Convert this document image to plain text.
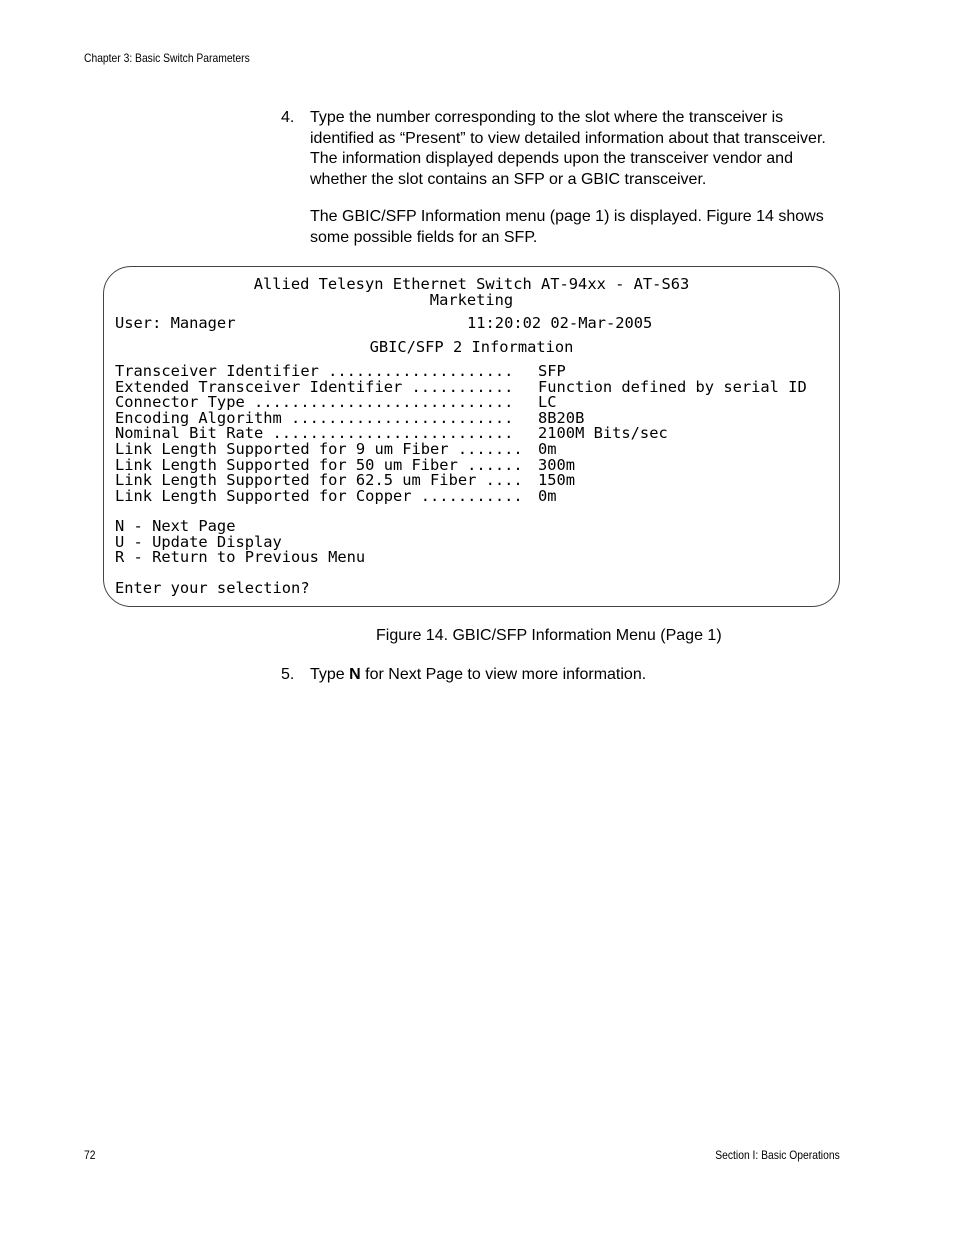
Chapter 3: Basic Switch Parameters
4. Type the number corresponding to the slot where the transceiver is identified as “Present” to view detailed information about that transceiver. The information displayed depends upon the transceiver vendor and whether the slot contains an SFP or a GBIC transceiver.
The GBIC/SFP Information menu (page 1) is displayed. Figure 14 shows some possible fields for an SFP.
Allied Telesyn Ethernet Switch AT-94xx - AT-S63
Marketing
User: Manager	11:20:02 02-Mar-2005
GBIC/SFP 2 Information
Transceiver Identifier .................... SFP
Extended Transceiver Identifier ........... Function defined by serial ID
Connector Type ............................ LC
Encoding Algorithm ........................ 8B20B
Nominal Bit Rate .......................... 2100M Bits/sec
Link Length Supported for 9 um Fiber ....... 0m
Link Length Supported for 50 um Fiber ...... 300m
Link Length Supported for 62.5 um Fiber .... 150m
Link Length Supported for Copper ........... 0m
N - Next Page
U - Update Display
R - Return to Previous Menu
Enter your selection?
Figure 14. GBIC/SFP Information Menu (Page 1)
5. Type N for Next Page to view more information.
72	Section I: Basic Operations
